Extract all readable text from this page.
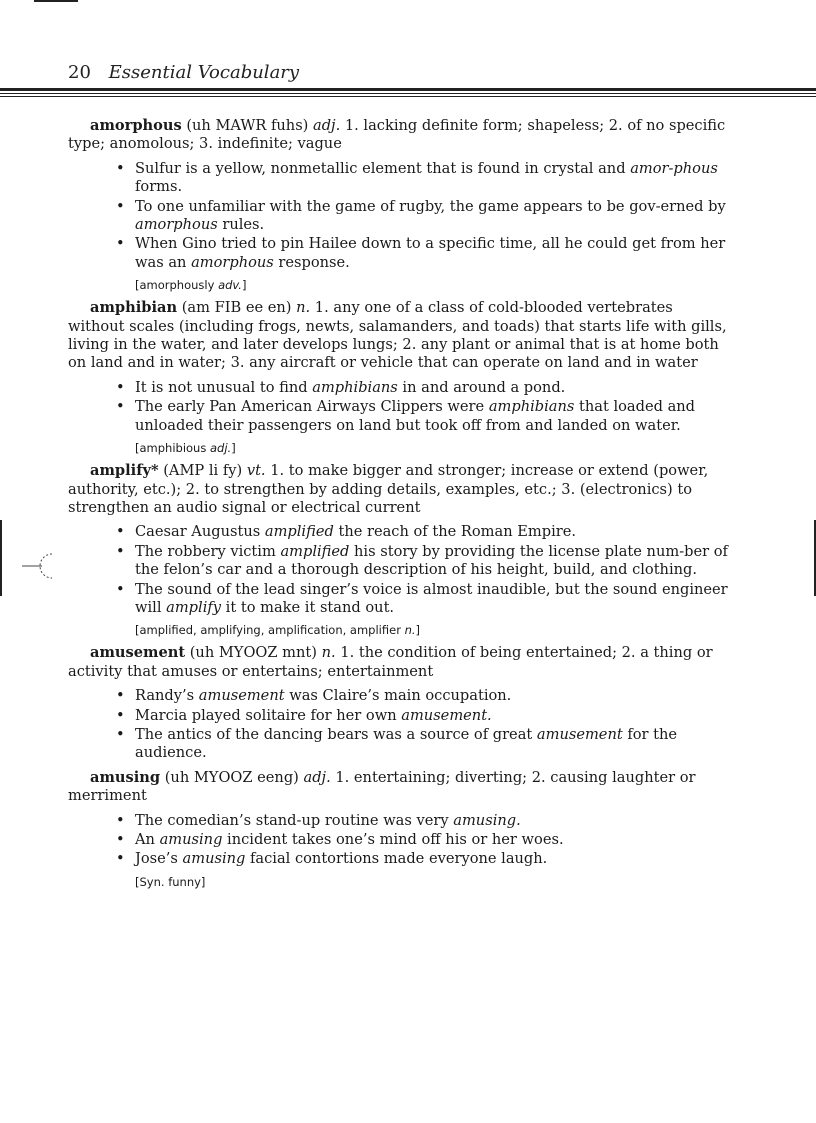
20 Essential Vocabulary

amorphous (uh MAWR fuhs) adj. 1. lacking definite form; shapeless; 2. of no specific type; anomolous; 3. indefinite; vague

• Sulfur is a yellow, nonmetallic element that is found in crystal and amor-phous forms.
• To one unfamiliar with the game of rugby, the game appears to be gov-erned by amorphous rules.
• When Gino tried to pin Hailee down to a specific time, all he could get from her was an amorphous response.
[amorphously adv.]

amphibian (am FIB ee en) n. 1. any one of a class of cold-blooded vertebrates without scales (including frogs, newts, salamanders, and toads) that starts life with gills, living in the water, and later develops lungs; 2. any plant or animal that is at home both on land and in water; 3. any aircraft or vehicle that can operate on land and in water

• It is not unusual to find amphibians in and around a pond.
• The early Pan American Airways Clippers were amphibians that loaded and unloaded their passengers on land but took off from and landed on water.
[amphibious adj.]

amplify* (AMP li fy) vt. 1. to make bigger and stronger; increase or extend (power, authority, etc.); 2. to strengthen by adding details, examples, etc.; 3. (electronics) to strengthen an audio signal or electrical current

• Caesar Augustus amplified the reach of the Roman Empire.
• The robbery victim amplified his story by providing the license plate num-ber of the felon’s car and a thorough description of his height, build, and clothing.
• The sound of the lead singer’s voice is almost inaudible, but the sound engineer will amplify it to make it stand out.
[amplified, amplifying, amplification, amplifier n.]

amusement (uh MYOOZ mnt) n. 1. the condition of being entertained; 2. a thing or activity that amuses or entertains; entertainment

• Randy’s amusement was Claire’s main occupation.
• Marcia played solitaire for her own amusement.
• The antics of the dancing bears was a source of great amusement for the audience.

amusing (uh MYOOZ eeng) adj. 1. entertaining; diverting; 2. causing laughter or merriment

• The comedian’s stand-up routine was very amusing.
• An amusing incident takes one’s mind off his or her woes.
• Jose’s amusing facial contortions made everyone laugh.
[Syn. funny]
